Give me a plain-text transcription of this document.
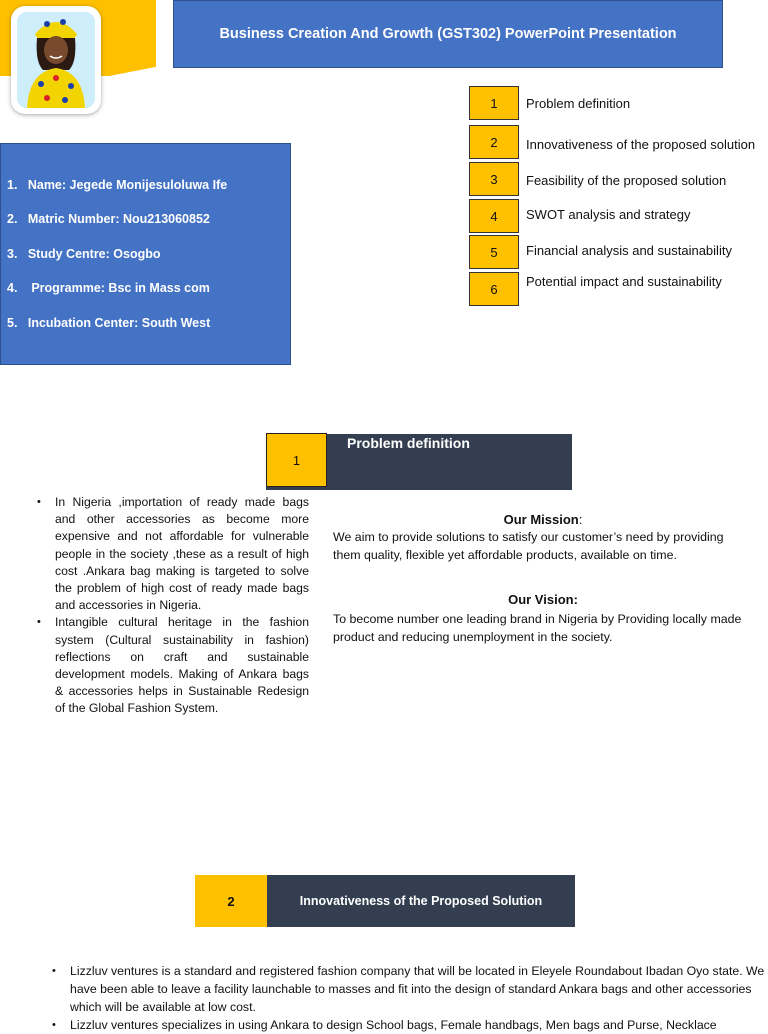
Business Creation And Growth (GST302) PowerPoint Presentation
1	Problem definition
2	Innovativeness of the proposed solution
3	Feasibility of the proposed solution
4	SWOT analysis and strategy
5	Financial analysis and sustainability
6	Potential impact and sustainability
1.   Name: Jegede Monijesuloluwa Ife
2.   Matric Number: Nou213060852
3.   Study Centre: Osogbo
4.    Programme: Bsc in Mass com
5.   Incubation Center: South West
1
Problem definition
• In Nigeria ,importation of ready made bags and other accessories as become more expensive and not affordable for vulnerable people in the society ,these as a result of high cost .Ankara bag making is targeted to solve the problem of high cost of ready made bags and accessories in Nigeria.
• Intangible cultural heritage in the fashion system (Cultural sustainability in fashion) reflections on craft and sustainable development models. Making of Ankara bags & accessories helps in Sustainable Redesign of the Global Fashion System.
Our Mission:
We aim to provide solutions to satisfy our customer’s need by providing them quality, flexible yet affordable products, available on time.
Our Vision:
To become number one leading brand in Nigeria by Providing locally made product and reducing unemployment in the society.
2	Innovativeness of the Proposed Solution
• Lizzluv ventures is a standard and registered fashion company that will be located in Eleyele Roundabout Ibadan Oyo state. We have been able to leave a facility launchable to masses and fit into the design of standard Ankara bags and other accessories which will be available at low cost.
• Lizzluv ventures specializes in using Ankara to design School bags, Female handbags, Men bags and Purse, Necklace
